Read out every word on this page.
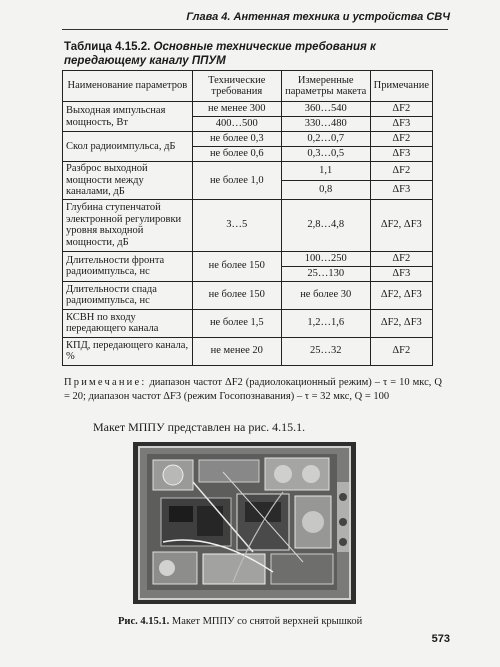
Глава 4. Антенная техника и устройства СВЧ
Таблица 4.15.2. Основные технические требования к передающему каналу ППУМ
Наименование параметров	Технические требования	Измеренные параметры макета	Примечание
Выходная импульсная мощность, Вт	не менее 300	360…540	ΔF2
	400…500	330…480	ΔF3
Скол радиоимпульса, дБ	не более 0,3	0,2…0,7	ΔF2
	не более 0,6	0,3…0,5	ΔF3
Разброс выходной мощности между каналами, дБ	не более 1,0	1,1	ΔF2
		0,8	ΔF3
Глубина ступенчатой электронной регулировки уровня выходной мощности, дБ	3…5	2,8…4,8	ΔF2, ΔF3
Длительности фронта радиоимпульса, нс	не более 150	100…250	ΔF2
		25…130	ΔF3
Длительности спада радиоимпульса, нс	не более 150	не более 30	ΔF2, ΔF3
КСВН по входу передающего канала	не более 1,5	1,2…1,6	ΔF2, ΔF3
КПД, передающего канала, %	не менее 20	25…32	ΔF2
Примечание: диапазон частот ΔF2 (радиолокационный режим) – τ = 10 мкс, Q = 20; диапазон частот ΔF3 (режим Госопознавания) – τ = 32 мкс, Q = 100
Макет МППУ представлен на рис. 4.15.1.
Рис. 4.15.1. Макет МППУ со снятой верхней крышкой
573
